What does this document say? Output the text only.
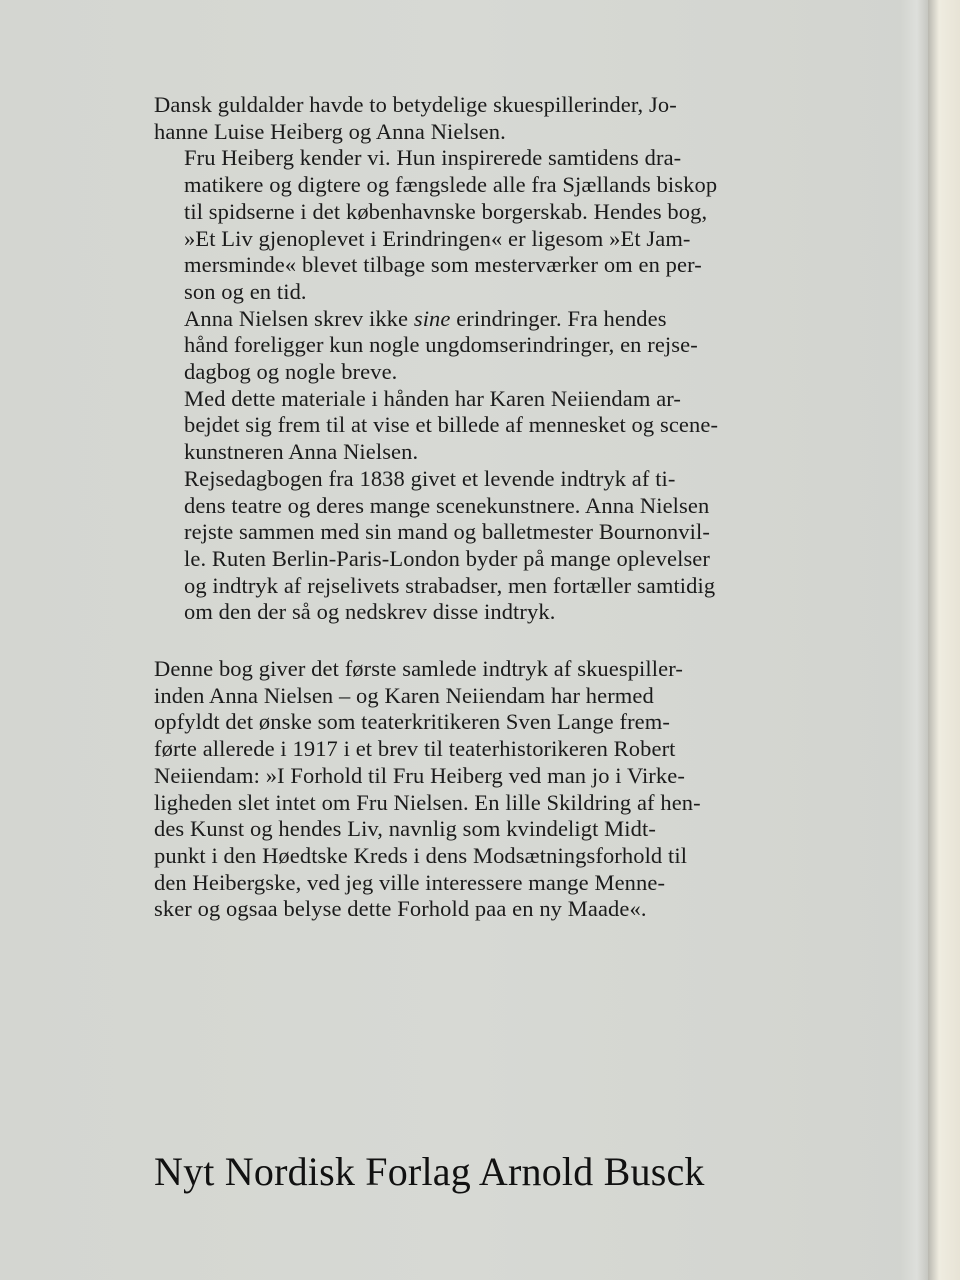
Dansk guldalder havde to betydelige skuespillerinder, Jo-
hanne Luise Heiberg og Anna Nielsen.

Fru Heiberg kender vi. Hun inspirerede samtidens dra-
matikere og digtere og fængslede alle fra Sjællands biskop
til spidserne i det københavnske borgerskab. Hendes bog,
»Et Liv gjenoplevet i Erindringen« er ligesom »Et Jam-
mersminde« blevet tilbage som mesterværker om en per-
son og en tid.

Anna Nielsen skrev ikke sine erindringer. Fra hendes
hånd foreligger kun nogle ungdomserindringer, en rejse-
dagbog og nogle breve.

Med dette materiale i hånden har Karen Neiiendam ar-
bejdet sig frem til at vise et billede af mennesket og scene-
kunstneren Anna Nielsen.

Rejsedagbogen fra 1838 givet et levende indtryk af ti-
dens teatre og deres mange scenekunstnere. Anna Nielsen
rejste sammen med sin mand og balletmester Bournonvil-
le. Ruten Berlin-Paris-London byder på mange oplevelser
og indtryk af rejselivets strabadser, men fortæller samtidig
om den der så og nedskrev disse indtryk.

Denne bog giver det første samlede indtryk af skuespiller-
inden Anna Nielsen – og Karen Neiiendam har hermed
opfyldt det ønske som teaterkritikeren Sven Lange frem-
førte allerede i 1917 i et brev til teaterhistorikeren Robert
Neiiendam: »I Forhold til Fru Heiberg ved man jo i Virke-
ligheden slet intet om Fru Nielsen. En lille Skildring af hen-
des Kunst og hendes Liv, navnlig som kvindeligt Midt-
punkt i den Høedtske Kreds i dens Modsætningsforhold til
den Heibergske, ved jeg ville interessere mange Menne-
sker og ogsaa belyse dette Forhold paa en ny Maade«.

Nyt Nordisk Forlag Arnold Busck
